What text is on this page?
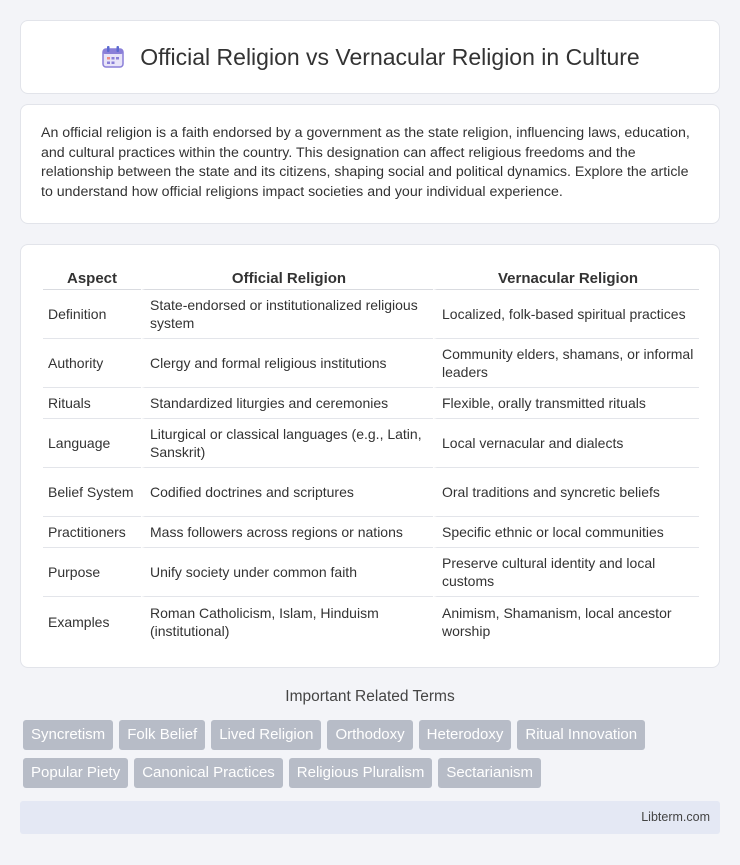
Official Religion vs Vernacular Religion in Culture

An official religion is a faith endorsed by a government as the state religion, influencing laws, education, and cultural practices within the country. This designation can affect religious freedoms and the relationship between the state and its citizens, shaping social and political dynamics. Explore the article to understand how official religions impact societies and your individual experience.

Aspect	Official Religion	Vernacular Religion
Definition	State-endorsed or institutionalized religious system	Localized, folk-based spiritual practices
Authority	Clergy and formal religious institutions	Community elders, shamans, or informal leaders
Rituals	Standardized liturgies and ceremonies	Flexible, orally transmitted rituals
Language	Liturgical or classical languages (e.g., Latin, Sanskrit)	Local vernacular and dialects
Belief System	Codified doctrines and scriptures	Oral traditions and syncretic beliefs
Practitioners	Mass followers across regions or nations	Specific ethnic or local communities
Purpose	Unify society under common faith	Preserve cultural identity and local customs
Examples	Roman Catholicism, Islam, Hinduism (institutional)	Animism, Shamanism, local ancestor worship
Important Related Terms
Syncretism	Folk Belief	Lived Religion	Orthodoxy	Heterodoxy	Ritual Innovation
Popular Piety	Canonical Practices	Religious Pluralism	Sectarianism
Libterm.com
